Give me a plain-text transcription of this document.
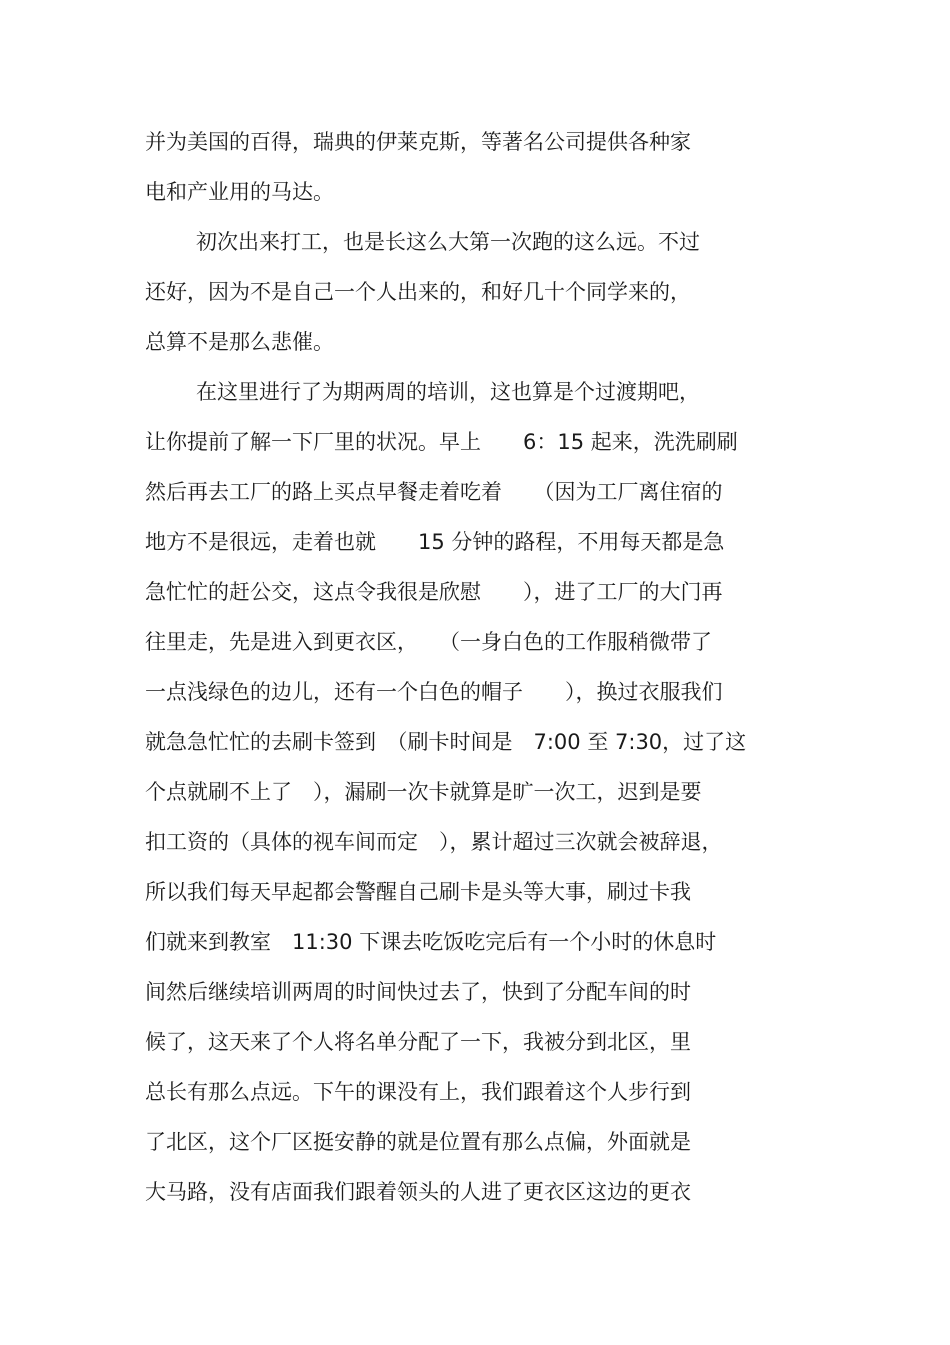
并为美国的百得，瑞典的伊莱克斯，等著名公司提供各种家
电和产业用的马达。
初次出来打工，也是长这么大第一次跑的这么远。不过
还好，因为不是自己一个人出来的，和好几十个同学来的，
总算不是那么悲催。
在这里进行了为期两周的培训，这也算是个过渡期吧，
让你提前了解一下厂里的状况。早上　　6：15 起来，洗洗刷刷
然后再去工厂的路上买点早餐走着吃着　　（因为工厂离住宿的
地方不是很远，走着也就　　15 分钟的路程，不用每天都是急
急忙忙的赶公交，这点令我很是欣慰　　），进了工厂的大门再
往里走，先是进入到更衣区，　　（一身白色的工作服稍微带了
一点浅绿色的边儿，还有一个白色的帽子　　），换过衣服我们
就急急忙忙的去刷卡签到　（刷卡时间是　7:00 至 7:30，过了这
个点就刷不上了　），漏刷一次卡就算是旷一次工，迟到是要
扣工资的（具体的视车间而定　），累计超过三次就会被辞退，
所以我们每天早起都会警醒自己刷卡是头等大事，刷过卡我
们就来到教室　11:30 下课去吃饭吃完后有一个小时的休息时
间然后继续培训两周的时间快过去了，快到了分配车间的时
候了，这天来了个人将名单分配了一下，我被分到北区，里
总长有那么点远。下午的课没有上，我们跟着这个人步行到
了北区，这个厂区挺安静的就是位置有那么点偏，外面就是
大马路，没有店面我们跟着领头的人进了更衣区这边的更衣
